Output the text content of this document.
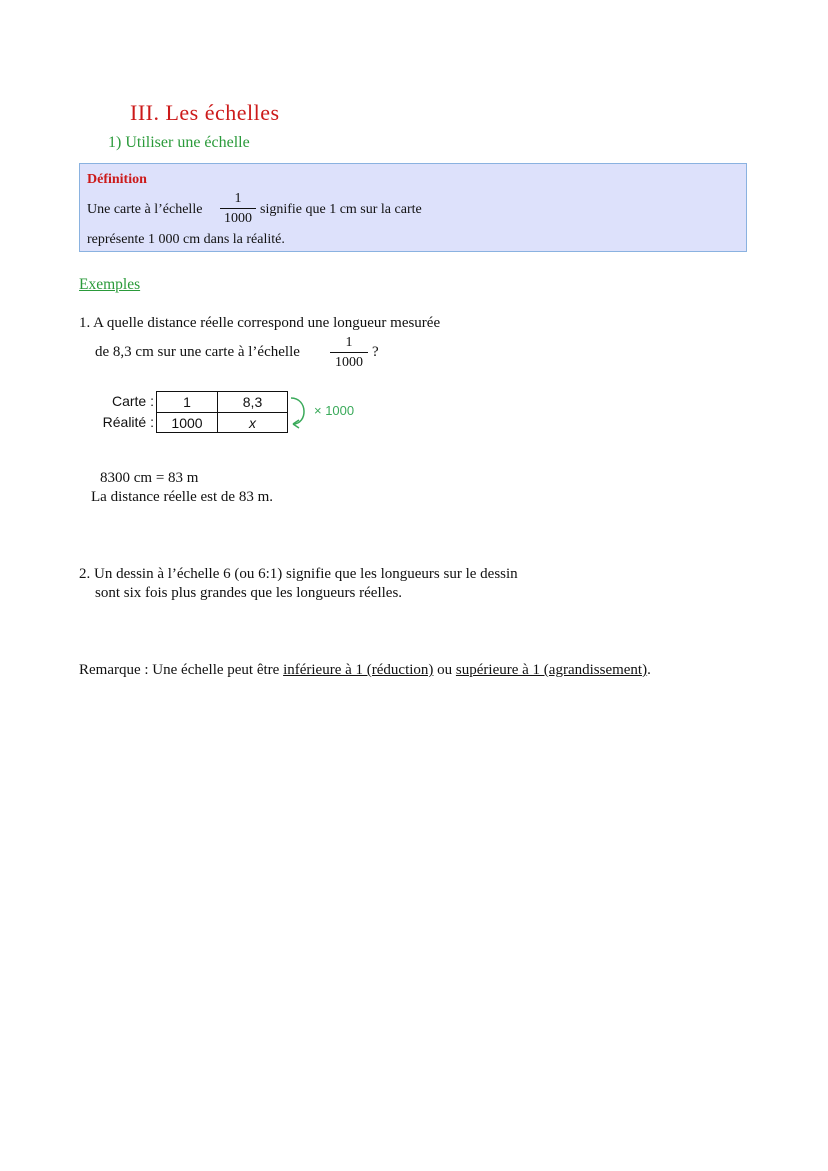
III. Les échelles
1) Utiliser une échelle
Définition
Une carte à l’échelle
1
1000
signifie que 1 cm sur la carte
représente 1 000 cm dans la réalité.
Exemples
1. A quelle distance réelle correspond une longueur mesurée
de 8,3 cm sur une carte à l’échelle
1
1000
?
Carte :
Réalité :
1	8,3
1000	x
× 1000
8300 cm = 83 m
La distance réelle est de 83 m.
2. Un dessin à l’échelle 6 (ou 6:1) signifie que les longueurs sur le dessin
sont six fois plus grandes que les longueurs réelles.
Remarque : Une échelle peut être inférieure à 1 (réduction) ou supérieure à 1 (agrandissement).
